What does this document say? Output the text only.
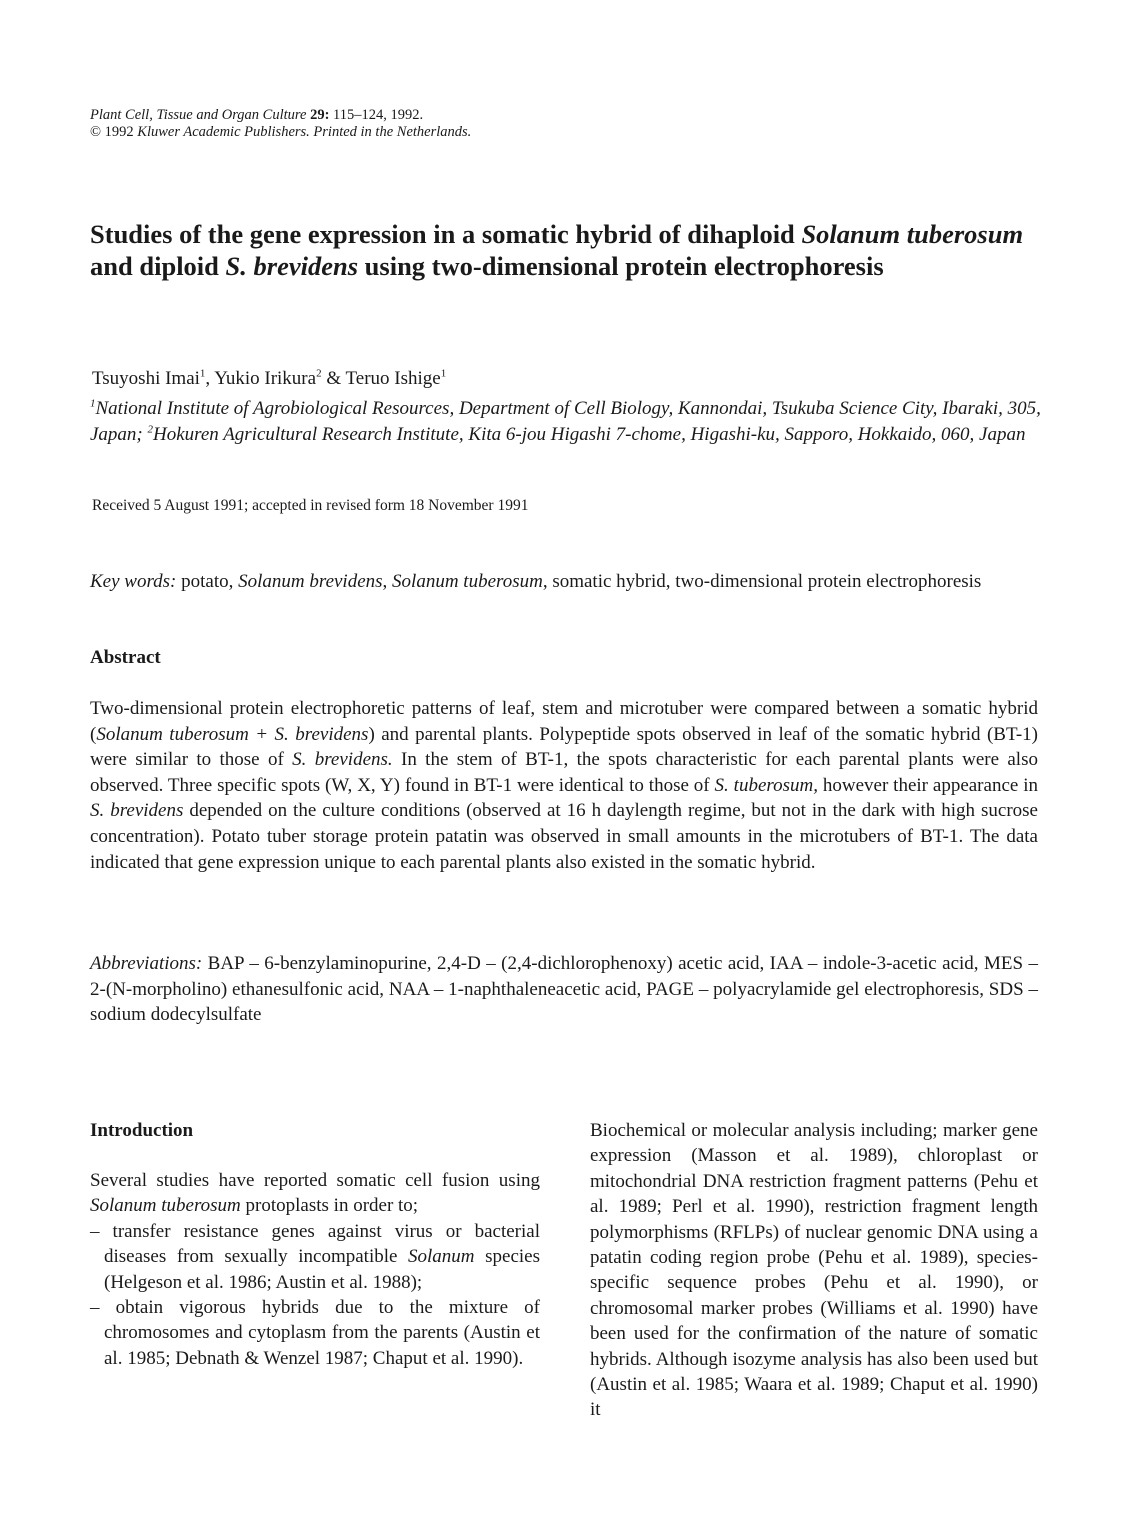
Plant Cell, Tissue and Organ Culture 29: 115–124, 1992.
© 1992 Kluwer Academic Publishers. Printed in the Netherlands.
Studies of the gene expression in a somatic hybrid of dihaploid Solanum tuberosum and diploid S. brevidens using two-dimensional protein electrophoresis
Tsuyoshi Imai$^1$, Yukio Irikura$^2$ & Teruo Ishige$^1$
$^1$National Institute of Agrobiological Resources, Department of Cell Biology, Kannondai, Tsukuba Science City, Ibaraki, 305, Japan; $^2$Hokuren Agricultural Research Institute, Kita 6-jou Higashi 7-chome, Higashi-ku, Sapporo, Hokkaido, 060, Japan
Received 5 August 1991; accepted in revised form 18 November 1991
Key words: potato, Solanum brevidens, Solanum tuberosum, somatic hybrid, two-dimensional protein electrophoresis
Abstract
Two-dimensional protein electrophoretic patterns of leaf, stem and microtuber were compared between a somatic hybrid (Solanum tuberosum + S. brevidens) and parental plants. Polypeptide spots observed in leaf of the somatic hybrid (BT-1) were similar to those of S. brevidens. In the stem of BT-1, the spots characteristic for each parental plants were also observed. Three specific spots (W, X, Y) found in BT-1 were identical to those of S. tuberosum, however their appearance in S. brevidens depended on the culture conditions (observed at 16 h daylength regime, but not in the dark with high sucrose concentration). Potato tuber storage protein patatin was observed in small amounts in the microtubers of BT-1. The data indicated that gene expression unique to each parental plants also existed in the somatic hybrid.
Abbreviations: BAP – 6-benzylaminopurine, 2,4-D – (2,4-dichlorophenoxy) acetic acid, IAA – indole-3-acetic acid, MES – 2-(N-morpholino) ethanesulfonic acid, NAA – 1-naphthaleneacetic acid, PAGE – polyacrylamide gel electrophoresis, SDS – sodium dodecylsulfate
Introduction

Several studies have reported somatic cell fusion using Solanum tuberosum protoplasts in order to;

– transfer resistance genes against virus or bacterial diseases from sexually incompatible Solanum species (Helgeson et al. 1986; Austin et al. 1988);

– obtain vigorous hybrids due to the mixture of chromosomes and cytoplasm from the parents (Austin et al. 1985; Debnath & Wenzel 1987; Chaput et al. 1990).

Biochemical or molecular analysis including; marker gene expression (Masson et al. 1989), chloroplast or mitochondrial DNA restriction fragment patterns (Pehu et al. 1989; Perl et al. 1990), restriction fragment length polymorphisms (RFLPs) of nuclear genomic DNA using a patatin coding region probe (Pehu et al. 1989), species-specific sequence probes (Pehu et al. 1990), or chromosomal marker probes (Williams et al. 1990) have been used for the confirmation of the nature of somatic hybrids. Although isozyme analysis has also been used but (Austin et al. 1985; Waara et al. 1989; Chaput et al. 1990) it
